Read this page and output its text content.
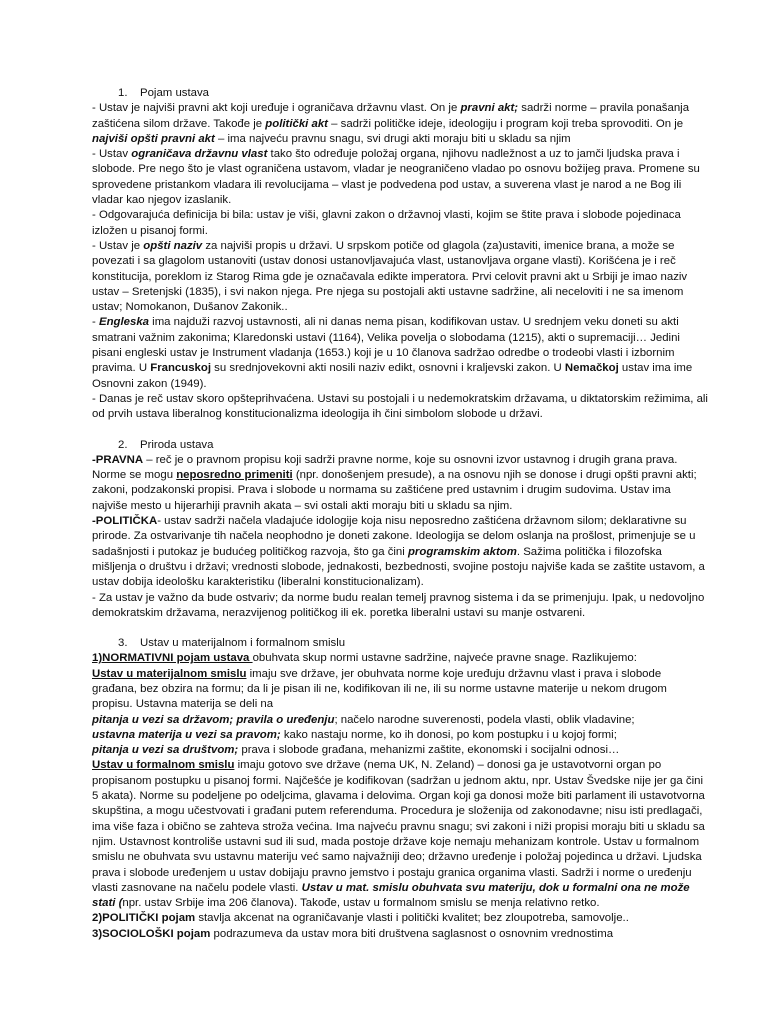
1. Pojam ustava

- Ustav je najviši pravni akt koji uređuje i ograničava državnu vlast. On je pravni akt; sadrži norme – pravila ponašanja zaštićena silom države. Takođe je politički akt – sadrži političke ideje, ideologiju i program koji treba sprovoditi. On je najviši opšti pravni akt – ima najveću pravnu snagu, svi drugi akti moraju biti u skladu sa njim

- Ustav ograničava državnu vlast tako što određuje položaj organa, njihovu nadležnost a uz to jamči ljudska prava i slobode. Pre nego što je vlast ograničena ustavom, vladar je neograničeno vladao po osnovu božijeg prava. Promene su sprovedene pristankom vladara ili revolucijama – vlast je podvedena pod ustav, a suverena vlast je narod a ne Bog ili vladar kao njegov izaslanik.

- Odgovarajuća definicija bi bila: ustav je viši, glavni zakon o državnoj vlasti, kojim se štite prava i slobode pojedinaca izložen u pisanoj formi.

- Ustav je opšti naziv za najviši propis u državi. U srpskom potiče od glagola (za)ustaviti, imenice brana, a može se povezati i sa glagolom ustanoviti (ustav donosi ustanovljavajuća vlast, ustanovljava organe vlasti). Korišćena je i reč konstitucija, poreklom iz Starog Rima gde je označavala edikte imperatora. Prvi celovit pravni akt u Srbiji je imao naziv ustav – Sretenjski (1835), i svi nakon njega. Pre njega su postojali akti ustavne sadržine, ali neceloviti i ne sa imenom ustav; Nomokanon, Dušanov Zakonik..

- Engleska ima najduži razvoj ustavnosti, ali ni danas nema pisan, kodifikovan ustav. U srednjem veku doneti su akti smatrani važnim zakonima; Klaredonski ustavi (1164), Velika povelja o slobodama (1215), akti o supremaciji… Jedini pisani engleski ustav je Instrument vladanja (1653.) koji je u 10 članova sadržao odredbe o trodeobi vlasti i izbornim pravima. U Francuskoj su srednjovekovni akti nosili naziv edikt, osnovni i kraljevski zakon. U Nemačkoj ustav ima ime Osnovni zakon (1949).

- Danas je reč ustav skoro opšteprihvaćena. Ustavi su postojali i u nedemokratskim državama, u diktatorskim režimima, ali od prvih ustava liberalnog konstitucionalizma ideologija ih čini simbolom slobode u državi.

2. Priroda ustava

-PRAVNA – reč je o pravnom propisu koji sadrži pravne norme, koje su osnovni izvor ustavnog i drugih grana prava. Norme se mogu neposredno primeniti (npr. donošenjem presude), a na osnovu njih se donose i drugi opšti pravni akti; zakoni, podzakonski propisi. Prava i slobode u normama su zaštićene pred ustavnim i drugim sudovima. Ustav ima najviše mesto u hijerarhiji pravnih akata – svi ostali akti moraju biti u skladu sa njim.

-POLITIČKA- ustav sadrži načela vladajuće idologije koja nisu neposredno zaštićena državnom silom; deklarativne su prirode. Za ostvarivanje tih načela neophodno je doneti zakone. Ideologija se delom oslanja na prošlost, primenjuje se u sadašnjosti i putokaz je budućeg političkog razvoja, što ga čini programskim aktom. Sažima politička i filozofska mišljenja o društvu i državi; vrednosti slobode, jednakosti, bezbednosti, svojine postoju najviše kada se zaštite ustavom, a ustav dobija ideološku karakteristiku (liberalni konstitucionalizam).

- Za ustav je važno da bude ostvariv; da norme budu realan temelj pravnog sistema i da se primenjuju. Ipak, u nedovoljno demokratskim državama, nerazvijenog političkog ili ek. poretka liberalni ustavi su manje ostvareni.

3. Ustav u materijalnom i formalnom smislu

1)NORMATIVNI pojam ustava obuhvata skup normi ustavne sadržine, najveće pravne snage. Razlikujemo:

Ustav u materijalnom smislu imaju sve države, jer obuhvata norme koje uređuju državnu vlast i prava i slobode građana, bez obzira na formu; da li je pisan ili ne, kodifikovan ili ne, ili su norme ustavne materije u nekom drugom propisu. Ustavna materija se deli na

pitanja u vezi sa državom; pravila o uređenju; načelo narodne suverenosti, podela vlasti, oblik vladavine;

ustavna materija u vezi sa pravom; kako nastaju norme, ko ih donosi, po kom postupku i u kojoj formi;

pitanja u vezi sa društvom; prava i slobode građana, mehanizmi zaštite, ekonomski i socijalni odnosi…

Ustav u formalnom smislu imaju gotovo sve države (nema UK, N. Zeland) – donosi ga je ustavotvorni organ po propisanom postupku u pisanoj formi. Najčešće je kodifikovan (sadržan u jednom aktu, npr. Ustav Švedske nije jer ga čini 5 akata). Norme su podeljene po odeljcima, glavama i delovima. Organ koji ga donosi može biti parlament ili ustavotvorna skupština, a mogu učestvovati i građani putem referenduma. Procedura je složenija od zakonodavne; nisu isti predlagači, ima više faza i obično se zahteva stroža većina. Ima najveću pravnu snagu; svi zakoni i niži propisi moraju biti u skladu sa njim. Ustavnost kontroliše ustavni sud ili sud, mada postoje države koje nemaju mehanizam kontrole. Ustav u formalnom smislu ne obuhvata svu ustavnu materiju već samo najvažniji deo; državno uređenje i položaj pojedinca u državi. Ljudska prava i slobode uređenjem u ustav dobijaju pravno jemstvo i postaju granica organima vlasti. Sadrži i norme o uređenju vlasti zasnovane na načelu podele vlasti. Ustav u mat. smislu obuhvata svu materiju, dok u formalni ona ne može stati (npr. ustav Srbije ima 206 članova). Takođe, ustav u formalnom smislu se menja relativno retko.

2)POLITIČKI pojam stavlja akcenat na ograničavanje vlasti i politički kvalitet; bez zloupotreba, samovolje..

3)SOCIOLOŠKI pojam podrazumeva da ustav mora biti društvena saglasnost o osnovnim vrednostima
